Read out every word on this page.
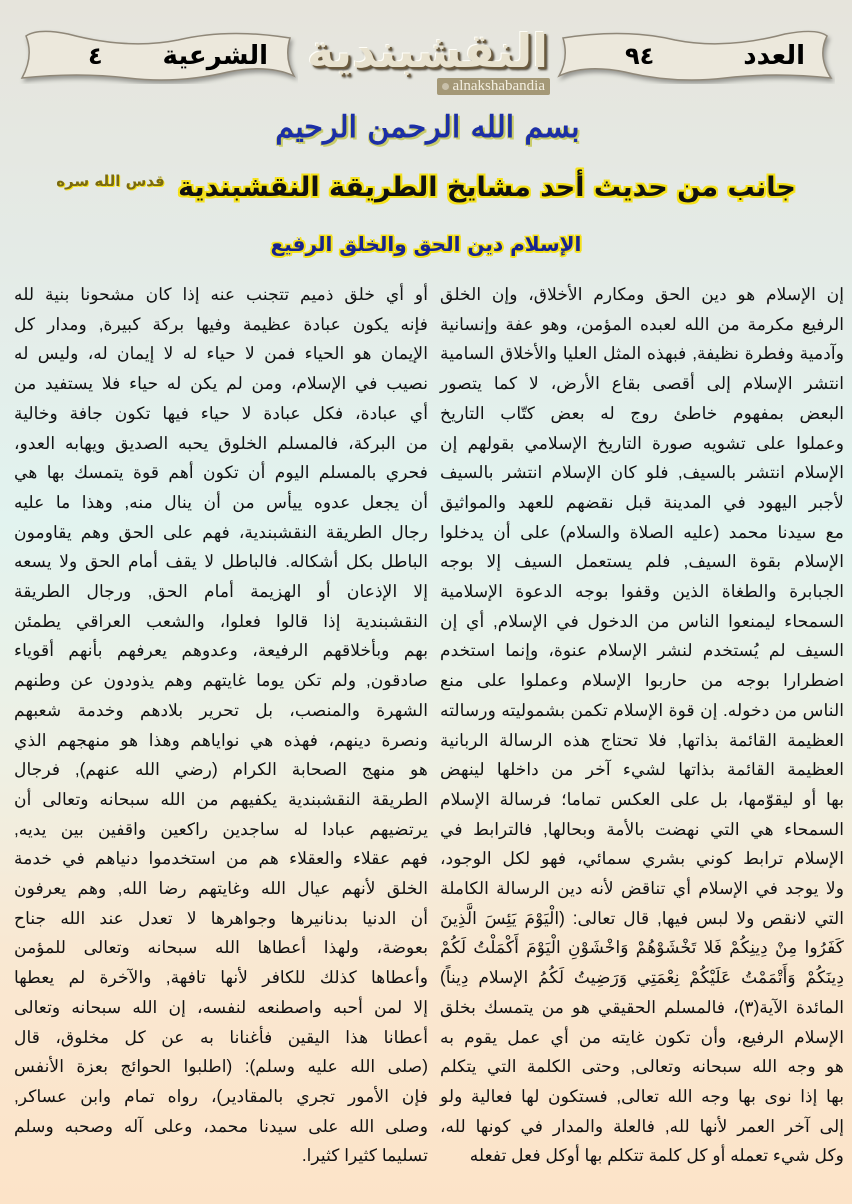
العدد
٩٤
النقشبندية
alnakshabandia
الشرعية
٤
بسم الله الرحمن الرحيم
جانب من حديث أحد مشايخ الطريقة النقشبندية $^{قدس الله سره}$
الإسلام دين الحق والخلق الرفيع
إن الإسلام هو دين الحق ومكارم الأخلاق، وإن الخلق
الرفيع مكرمة من الله لعبده المؤمن، وهو عفة وإنسانية
وآدمية وفطرة نظيفة, فبهذه المثل العليا والأخلاق السامية
انتشر الإسلام إلى أقصى بقاع الأرض، لا كما يتصور
البعض بمفهوم خاطئ روج له بعض كتّاب التاريخ
وعملوا على تشويه صورة التاريخ الإسلامي بقولهم إن
الإسلام انتشر بالسيف, فلو كان الإسلام انتشر بالسيف
لأجبر اليهود في المدينة قبل نقضهم للعهد والمواثيق
مع سيدنا محمد (عليه الصلاة والسلام) على أن يدخلوا
الإسلام بقوة السيف, فلم يستعمل السيف إلا بوجه
الجبابرة والطغاة الذين وقفوا بوجه الدعوة الإسلامية
السمحاء ليمنعوا الناس من الدخول في الإسلام, أي إن
السيف لم يُستخدم لنشر الإسلام عنوة، وإنما استخدم
اضطرارا بوجه من حاربوا الإسلام وعملوا على منع
الناس من دخوله. إن قوة الإسلام تكمن بشموليته ورسالته
العظيمة القائمة بذاتها, فلا تحتاج هذه الرسالة الربانية
العظيمة القائمة بذاتها لشيء آخر من داخلها لينهض
بها أو ليقوّمها، بل على العكس تماما؛ فرسالة الإسلام
السمحاء هي التي نهضت بالأمة وبحالها, فالترابط في
الإسلام ترابط كوني بشري سمائي، فهو لكل الوجود،
ولا يوجد في الإسلام أي تناقض لأنه دين الرسالة الكاملة
التي لانقص ولا لبس فيها, قال تعالى: (الْيَوْمَ يَئِسَ الَّذِينَ
كَفَرُوا مِنْ دِينِكُمْ فَلا تَخْشَوْهُمْ وَاخْشَوْنِ الْيَوْمَ أَكْمَلْتُ لَكُمْ
دِينَكُمْ وَأَتْمَمْتُ عَلَيْكُمْ نِعْمَتِي وَرَضِيتُ لَكُمُ الإسلام دِيناً)
المائدة الآية(٣)، فالمسلم الحقيقي هو من يتمسك بخلق
الإسلام الرفيع، وأن تكون غايته من أي عمل يقوم به
هو وجه الله سبحانه وتعالى, وحتى الكلمة التي يتكلم
بها إذا نوى بها وجه الله تعالى, فستكون لها فعالية ولو
إلى آخر العمر لأنها لله, فالعلة والمدار في كونها لله،
وكل شيء تعمله أو كل كلمة تتكلم بها أوكل فعل تفعله
أو أي خلق ذميم تتجنب عنه إذا كان مشحونا بنية لله
فإنه يكون عبادة عظيمة وفيها بركة كبيرة, ومدار كل
الإيمان هو الحياء فمن لا حياء له لا إيمان له، وليس له
نصيب في الإسلام، ومن لم يكن له حياء فلا يستفيد من
أي عبادة، فكل عبادة لا حياء فيها تكون جافة وخالية
من البركة، فالمسلم الخلوق يحبه الصديق ويهابه العدو،
فحري بالمسلم اليوم أن تكون أهم قوة يتمسك بها هي
أن يجعل عدوه ييأس من أن ينال منه, وهذا ما عليه
رجال الطريقة النقشبندية، فهم على الحق وهم يقاومون
الباطل بكل أشكاله. فالباطل لا يقف أمام الحق ولا يسعه
إلا الإذعان أو الهزيمة أمام الحق, ورجال الطريقة
النقشبندية إذا قالوا فعلوا، والشعب العراقي يطمئن
بهم وبأخلاقهم الرفيعة، وعدوهم يعرفهم بأنهم أقوياء
صادقون, ولم تكن يوما غايتهم وهم يذودون عن وطنهم
الشهرة والمنصب، بل تحرير بلادهم وخدمة شعبهم
ونصرة دينهم، فهذه هي نواياهم وهذا هو منهجهم الذي
هو منهج الصحابة الكرام (رضي الله عنهم), فرجال
الطريقة النقشبندية يكفيهم من الله سبحانه وتعالى أن
يرتضيهم عبادا له ساجدين راكعين واقفين بين يديه,
فهم عقلاء والعقلاء هم من استخدموا دنياهم في خدمة
الخلق لأنهم عيال الله وغايتهم رضا الله, وهم يعرفون
أن الدنيا بدنانيرها وجواهرها لا تعدل عند الله جناح
بعوضة، ولهذا أعطاها الله سبحانه وتعالى للمؤمن
وأعطاها كذلك للكافر لأنها تافهة, والآخرة لم يعطها
إلا لمن أحبه واصطنعه لنفسه، إن الله سبحانه وتعالى
أعطانا هذا اليقين فأغنانا به عن كل مخلوق، قال
(صلى الله عليه وسلم): (اطلبوا الحوائج بعزة الأنفس
فإن الأمور تجري بالمقادير)، رواه تمام وابن عساكر,
وصلى الله على سيدنا محمد، وعلى آله وصحبه وسلم
تسليما كثيرا كثيرا.
